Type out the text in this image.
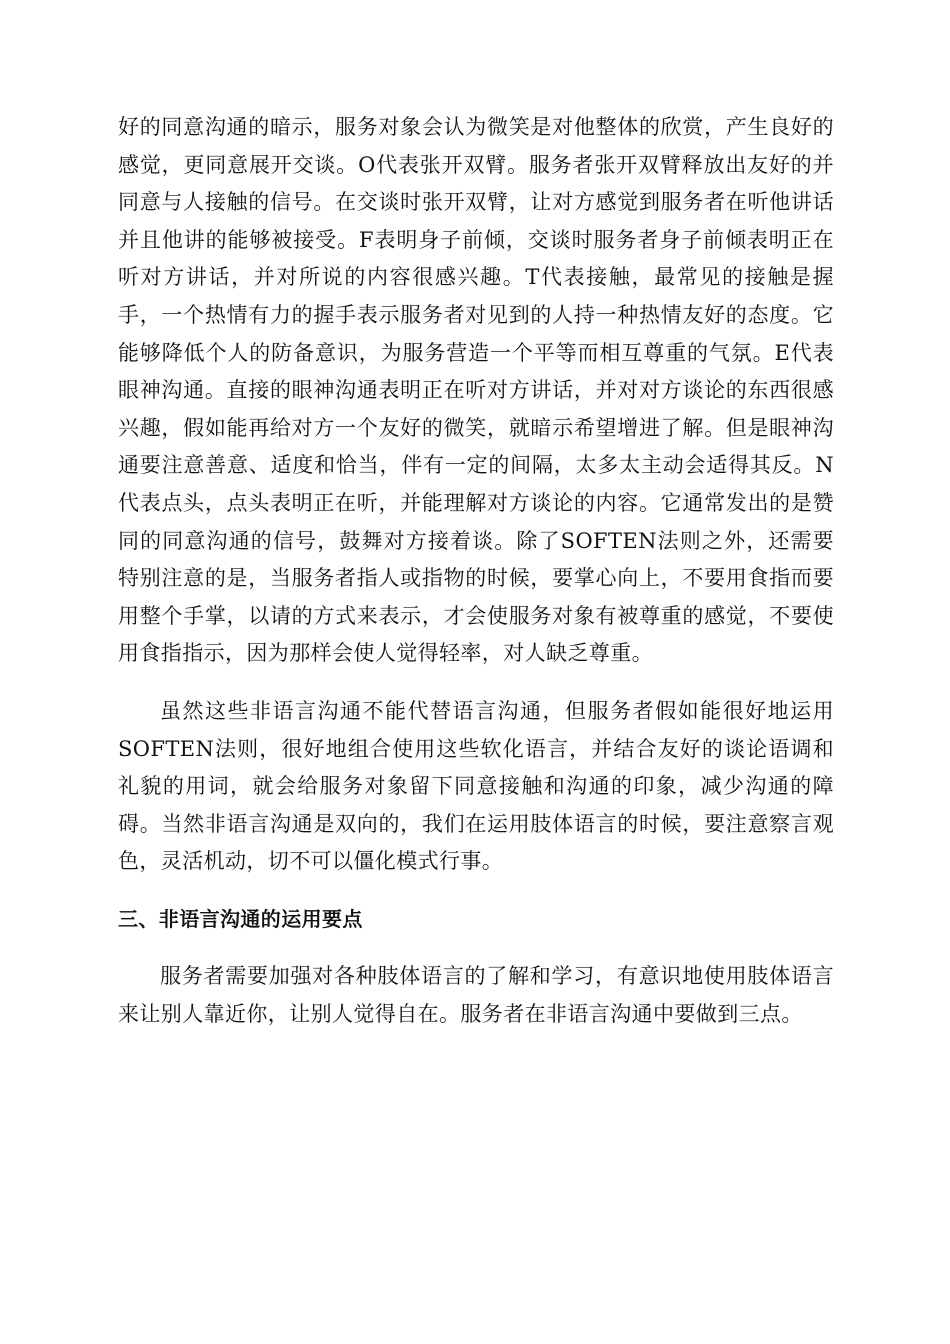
好的同意沟通的暗示，服务对象会认为微笑是对他整体的欣赏，产生良好的感觉，更同意展开交谈。O代表张开双臂。服务者张开双臂释放出友好的并同意与人接触的信号。在交谈时张开双臂，让对方感觉到服务者在听他讲话并且他讲的能够被接受。F表明身子前倾，交谈时服务者身子前倾表明正在听对方讲话，并对所说的内容很感兴趣。T代表接触，最常见的接触是握手，一个热情有力的握手表示服务者对见到的人持一种热情友好的态度。它能够降低个人的防备意识，为服务营造一个平等而相互尊重的气氛。E代表眼神沟通。直接的眼神沟通表明正在听对方讲话，并对对方谈论的东西很感兴趣，假如能再给对方一个友好的微笑，就暗示希望增进了解。但是眼神沟通要注意善意、适度和恰当，伴有一定的间隔，太多太主动会适得其反。N代表点头，点头表明正在听，并能理解对方谈论的内容。它通常发出的是赞同的同意沟通的信号，鼓舞对方接着谈。除了SOFTEN法则之外，还需要特别注意的是，当服务者指人或指物的时候，要掌心向上，不要用食指而要用整个手掌，以请的方式来表示，才会使服务对象有被尊重的感觉，不要使用食指指示，因为那样会使人觉得轻率，对人缺乏尊重。

虽然这些非语言沟通不能代替语言沟通，但服务者假如能很好地运用SOFTEN法则，很好地组合使用这些软化语言，并结合友好的谈论语调和礼貌的用词，就会给服务对象留下同意接触和沟通的印象，减少沟通的障碍。当然非语言沟通是双向的，我们在运用肢体语言的时候，要注意察言观色，灵活机动，切不可以僵化模式行事。

三、非语言沟通的运用要点

服务者需要加强对各种肢体语言的了解和学习，有意识地使用肢体语言来让别人靠近你，让别人觉得自在。服务者在非语言沟通中要做到三点。
